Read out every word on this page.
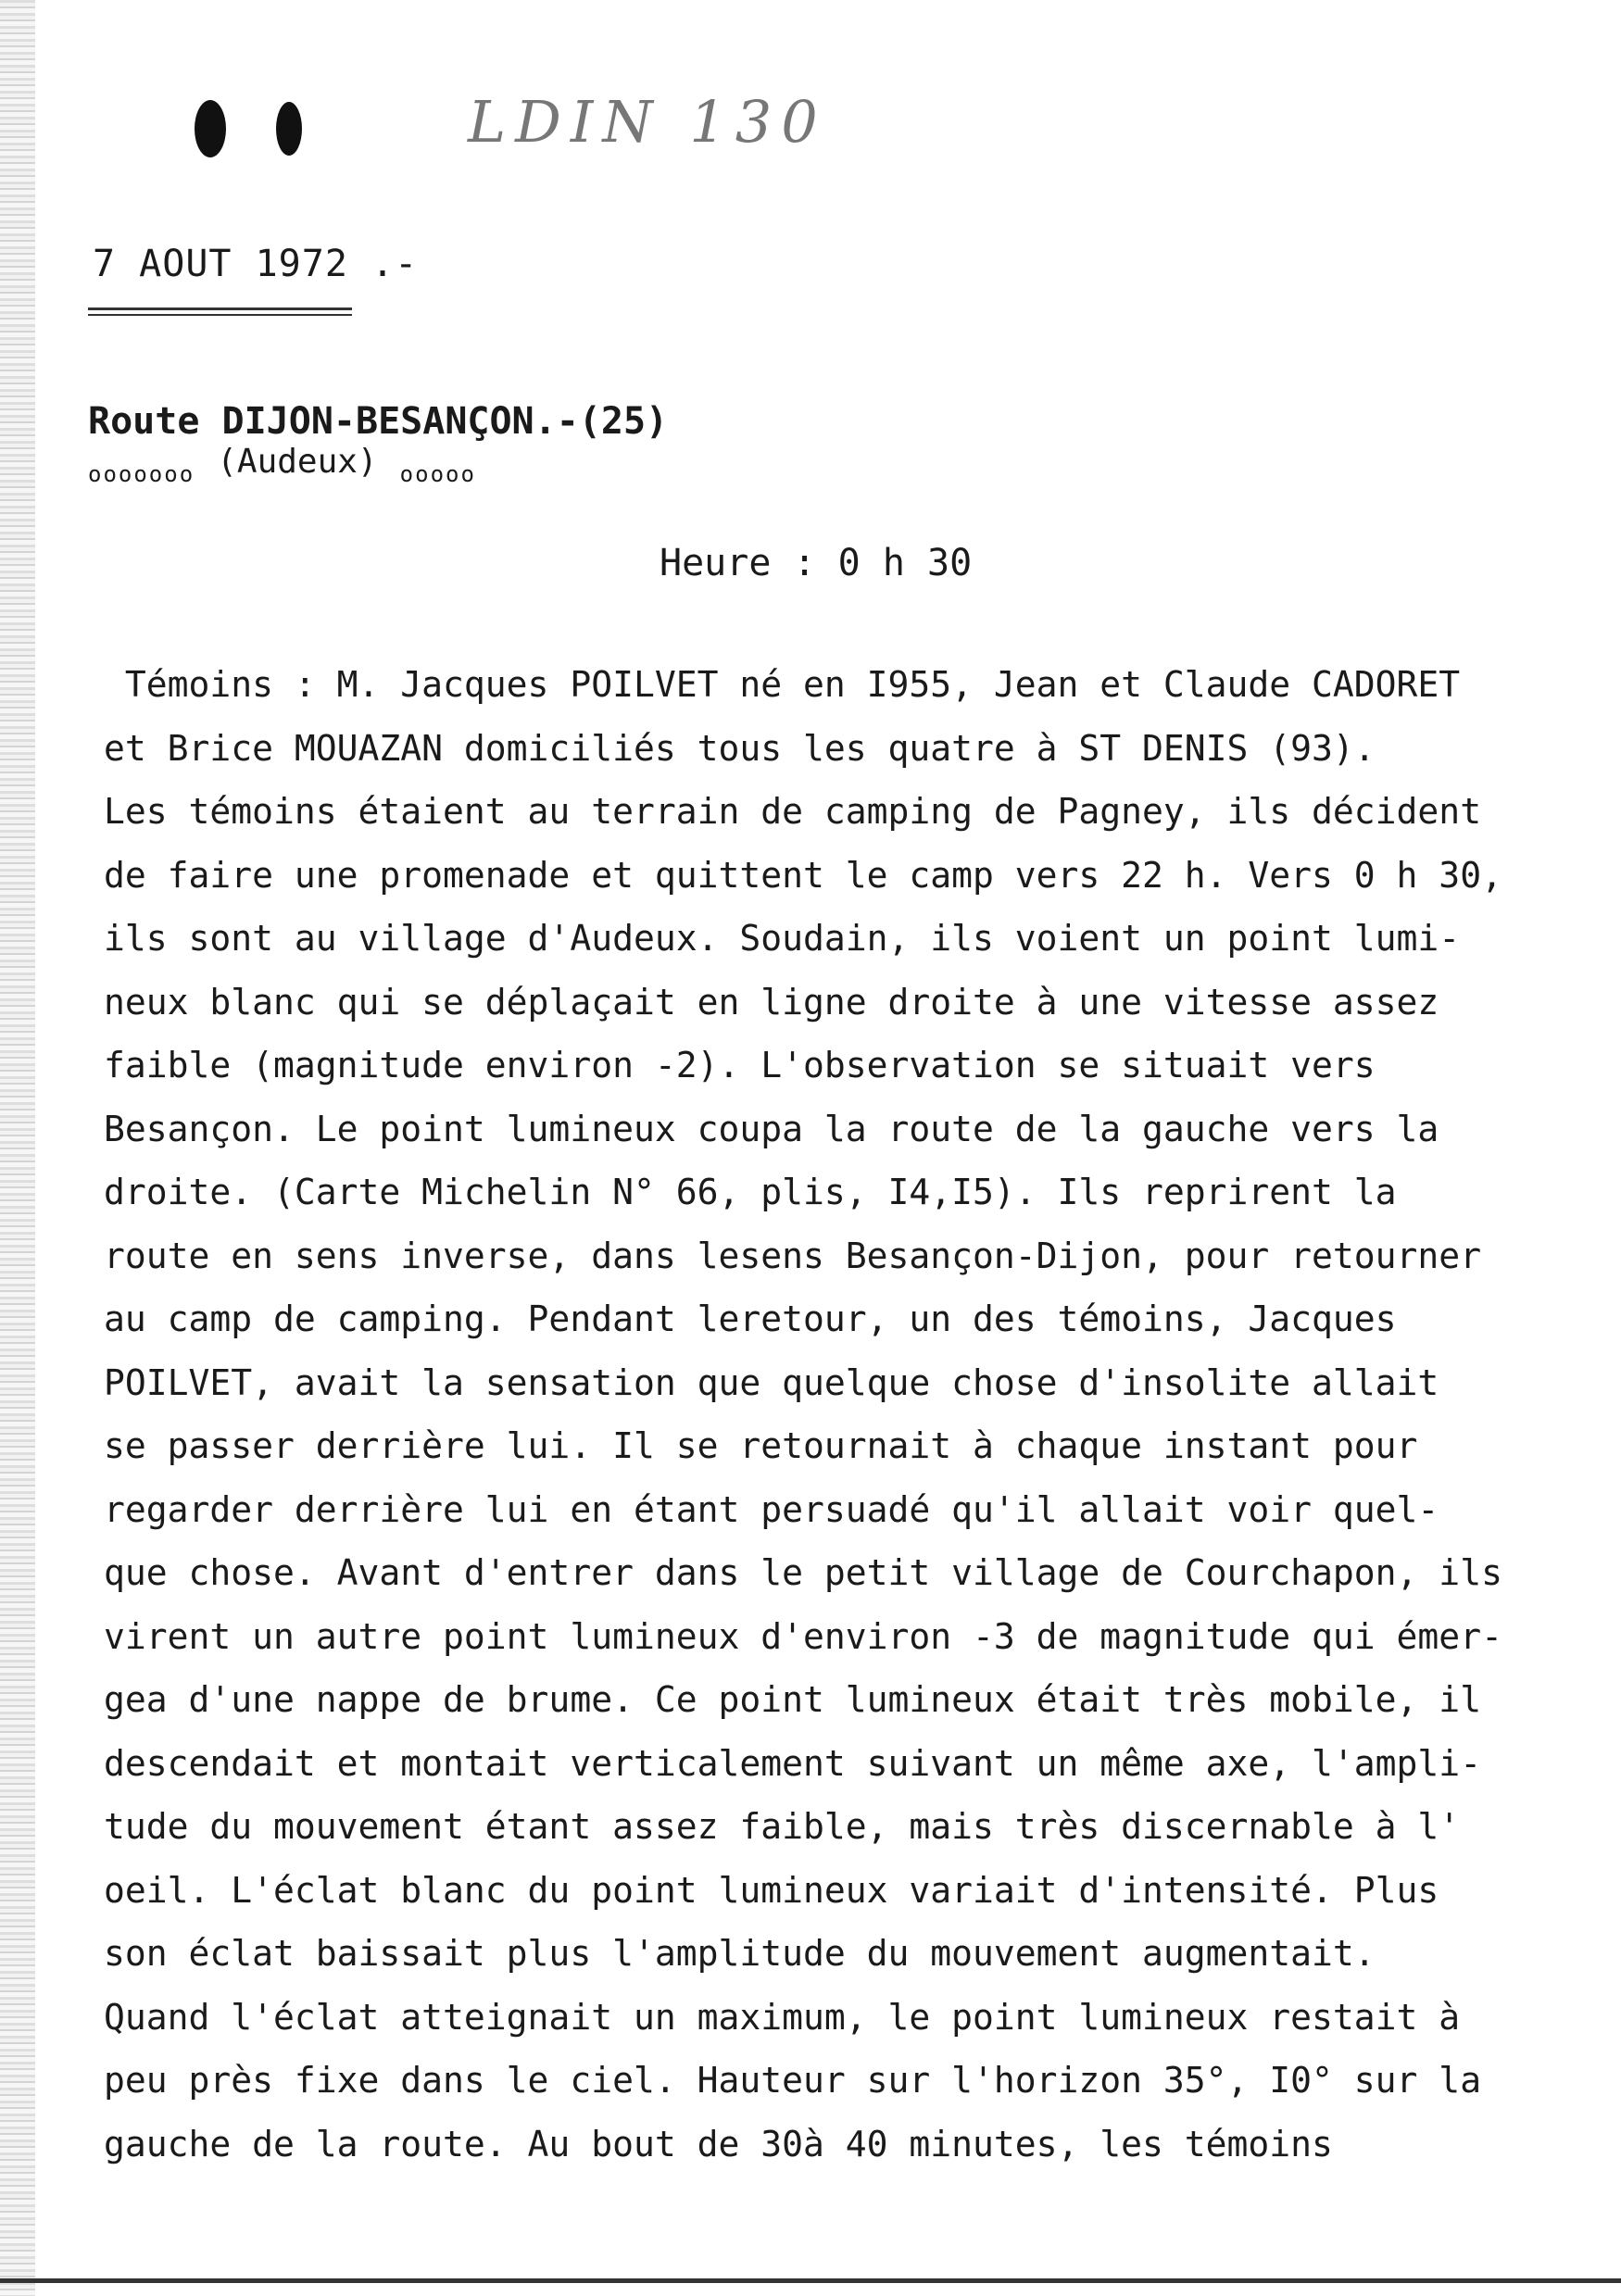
LDIN 130
7 AOUT 1972 .-
Route DIJON-BESANÇON.-(25)
ooooooo (Audeux) ooooo
Heure : 0 h 30
Témoins : M. Jacques POILVET né en I955, Jean et Claude CADORET
et Brice MOUAZAN domiciliés tous les quatre à ST DENIS (93).
Les témoins étaient au terrain de camping de Pagney, ils décident
de faire une promenade et quittent le camp vers 22 h. Vers 0 h 30,
ils sont au village d'Audeux. Soudain, ils voient un point lumi-
neux blanc qui se déplaçait en ligne droite à une vitesse assez
faible (magnitude environ -2). L'observation se situait vers
Besançon. Le point lumineux coupa la route de la gauche vers la
droite. (Carte Michelin N° 66, plis, I4,I5). Ils reprirent la
route en sens inverse, dans lesens Besançon-Dijon, pour retourner
au camp de camping. Pendant leretour, un des témoins, Jacques
POILVET, avait la sensation que quelque chose d'insolite allait
se passer derrière lui. Il se retournait à chaque instant pour
regarder derrière lui en étant persuadé qu'il allait voir quel-
que chose. Avant d'entrer dans le petit village de Courchapon, ils
virent un autre point lumineux d'environ -3 de magnitude qui émer-
gea d'une nappe de brume. Ce point lumineux était très mobile, il
descendait et montait verticalement suivant un même axe, l'ampli-
tude du mouvement étant assez faible, mais très discernable à l'
oeil. L'éclat blanc du point lumineux variait d'intensité. Plus
son éclat baissait plus l'amplitude du mouvement augmentait.
Quand l'éclat atteignait un maximum, le point lumineux restait à
peu près fixe dans le ciel. Hauteur sur l'horizon 35°, I0° sur la
gauche de la route. Au bout de 30à 40 minutes, les témoins
